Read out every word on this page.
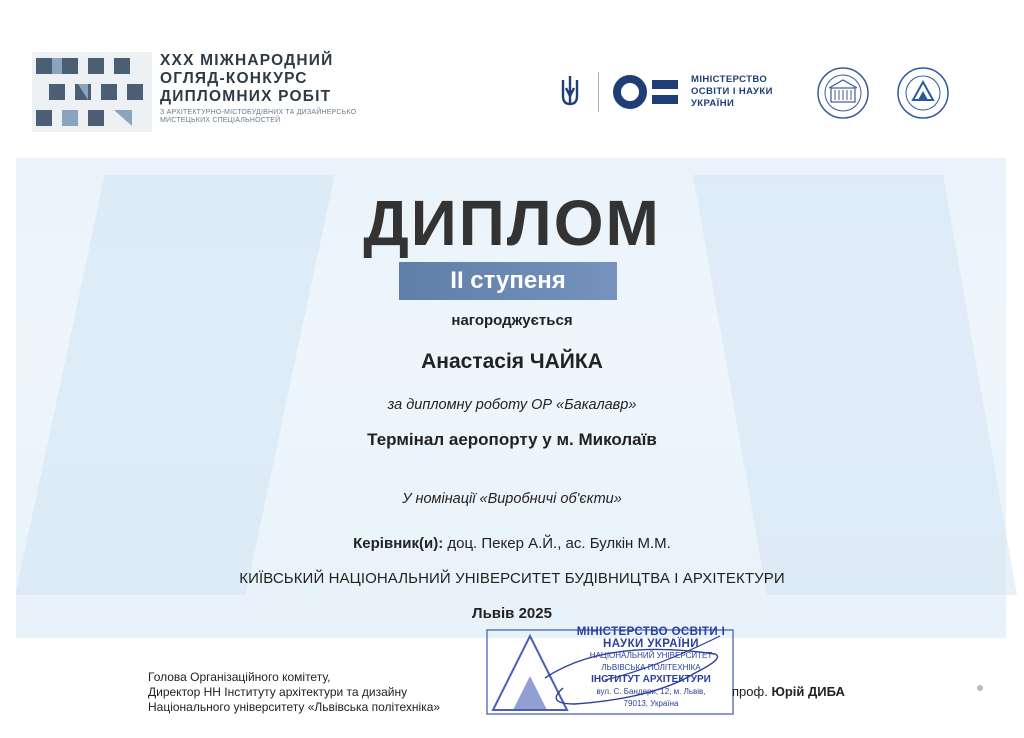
XXX МІЖНАРОДНИЙ
ОГЛЯД-КОНКУРС
ДИПЛОМНИХ РОБІТ
З АРХІТЕКТУРНО-МІСТОБУДІВНИХ ТА ДИЗАЙНЕРСЬКО МИСТЕЦЬКИХ СПЕЦІАЛЬНОСТЕЙ
МІНІСТЕРСТВО
ОСВІТИ І НАУКИ
УКРАЇНИ
ДИПЛОМ
ІІ ступеня
нагороджується
Анастасія ЧАЙКА
за дипломну роботу ОР «Бакалавр»
Термінал аеропорту у м. Миколаїв
У номінації «Виробничі об'єкти»
Керівник(и): доц. Пекер А.Й., ас. Булкін М.М.
КИЇВСЬКИЙ НАЦІОНАЛЬНИЙ УНІВЕРСИТЕТ БУДІВНИЦТВА І АРХІТЕКТУРИ
Львів 2025
Голова Організаційного комітету,
Директор НН Інституту архітектури та дизайну
Національного університету «Львівська політехніка»
МІНІСТЕРСТВО ОСВІТИ І
НАУКИ УКРАЇНИ
НАЦІОНАЛЬНИЙ УНІВЕРСИТЕТ
ЛЬВІВСЬКА ПОЛІТЕХНІКА
ІНСТИТУТ АРХІТЕКТУРИ
вул. С. Бандери, 12, м. Львів,
79013, Україна
проф. Юрій ДИБА
